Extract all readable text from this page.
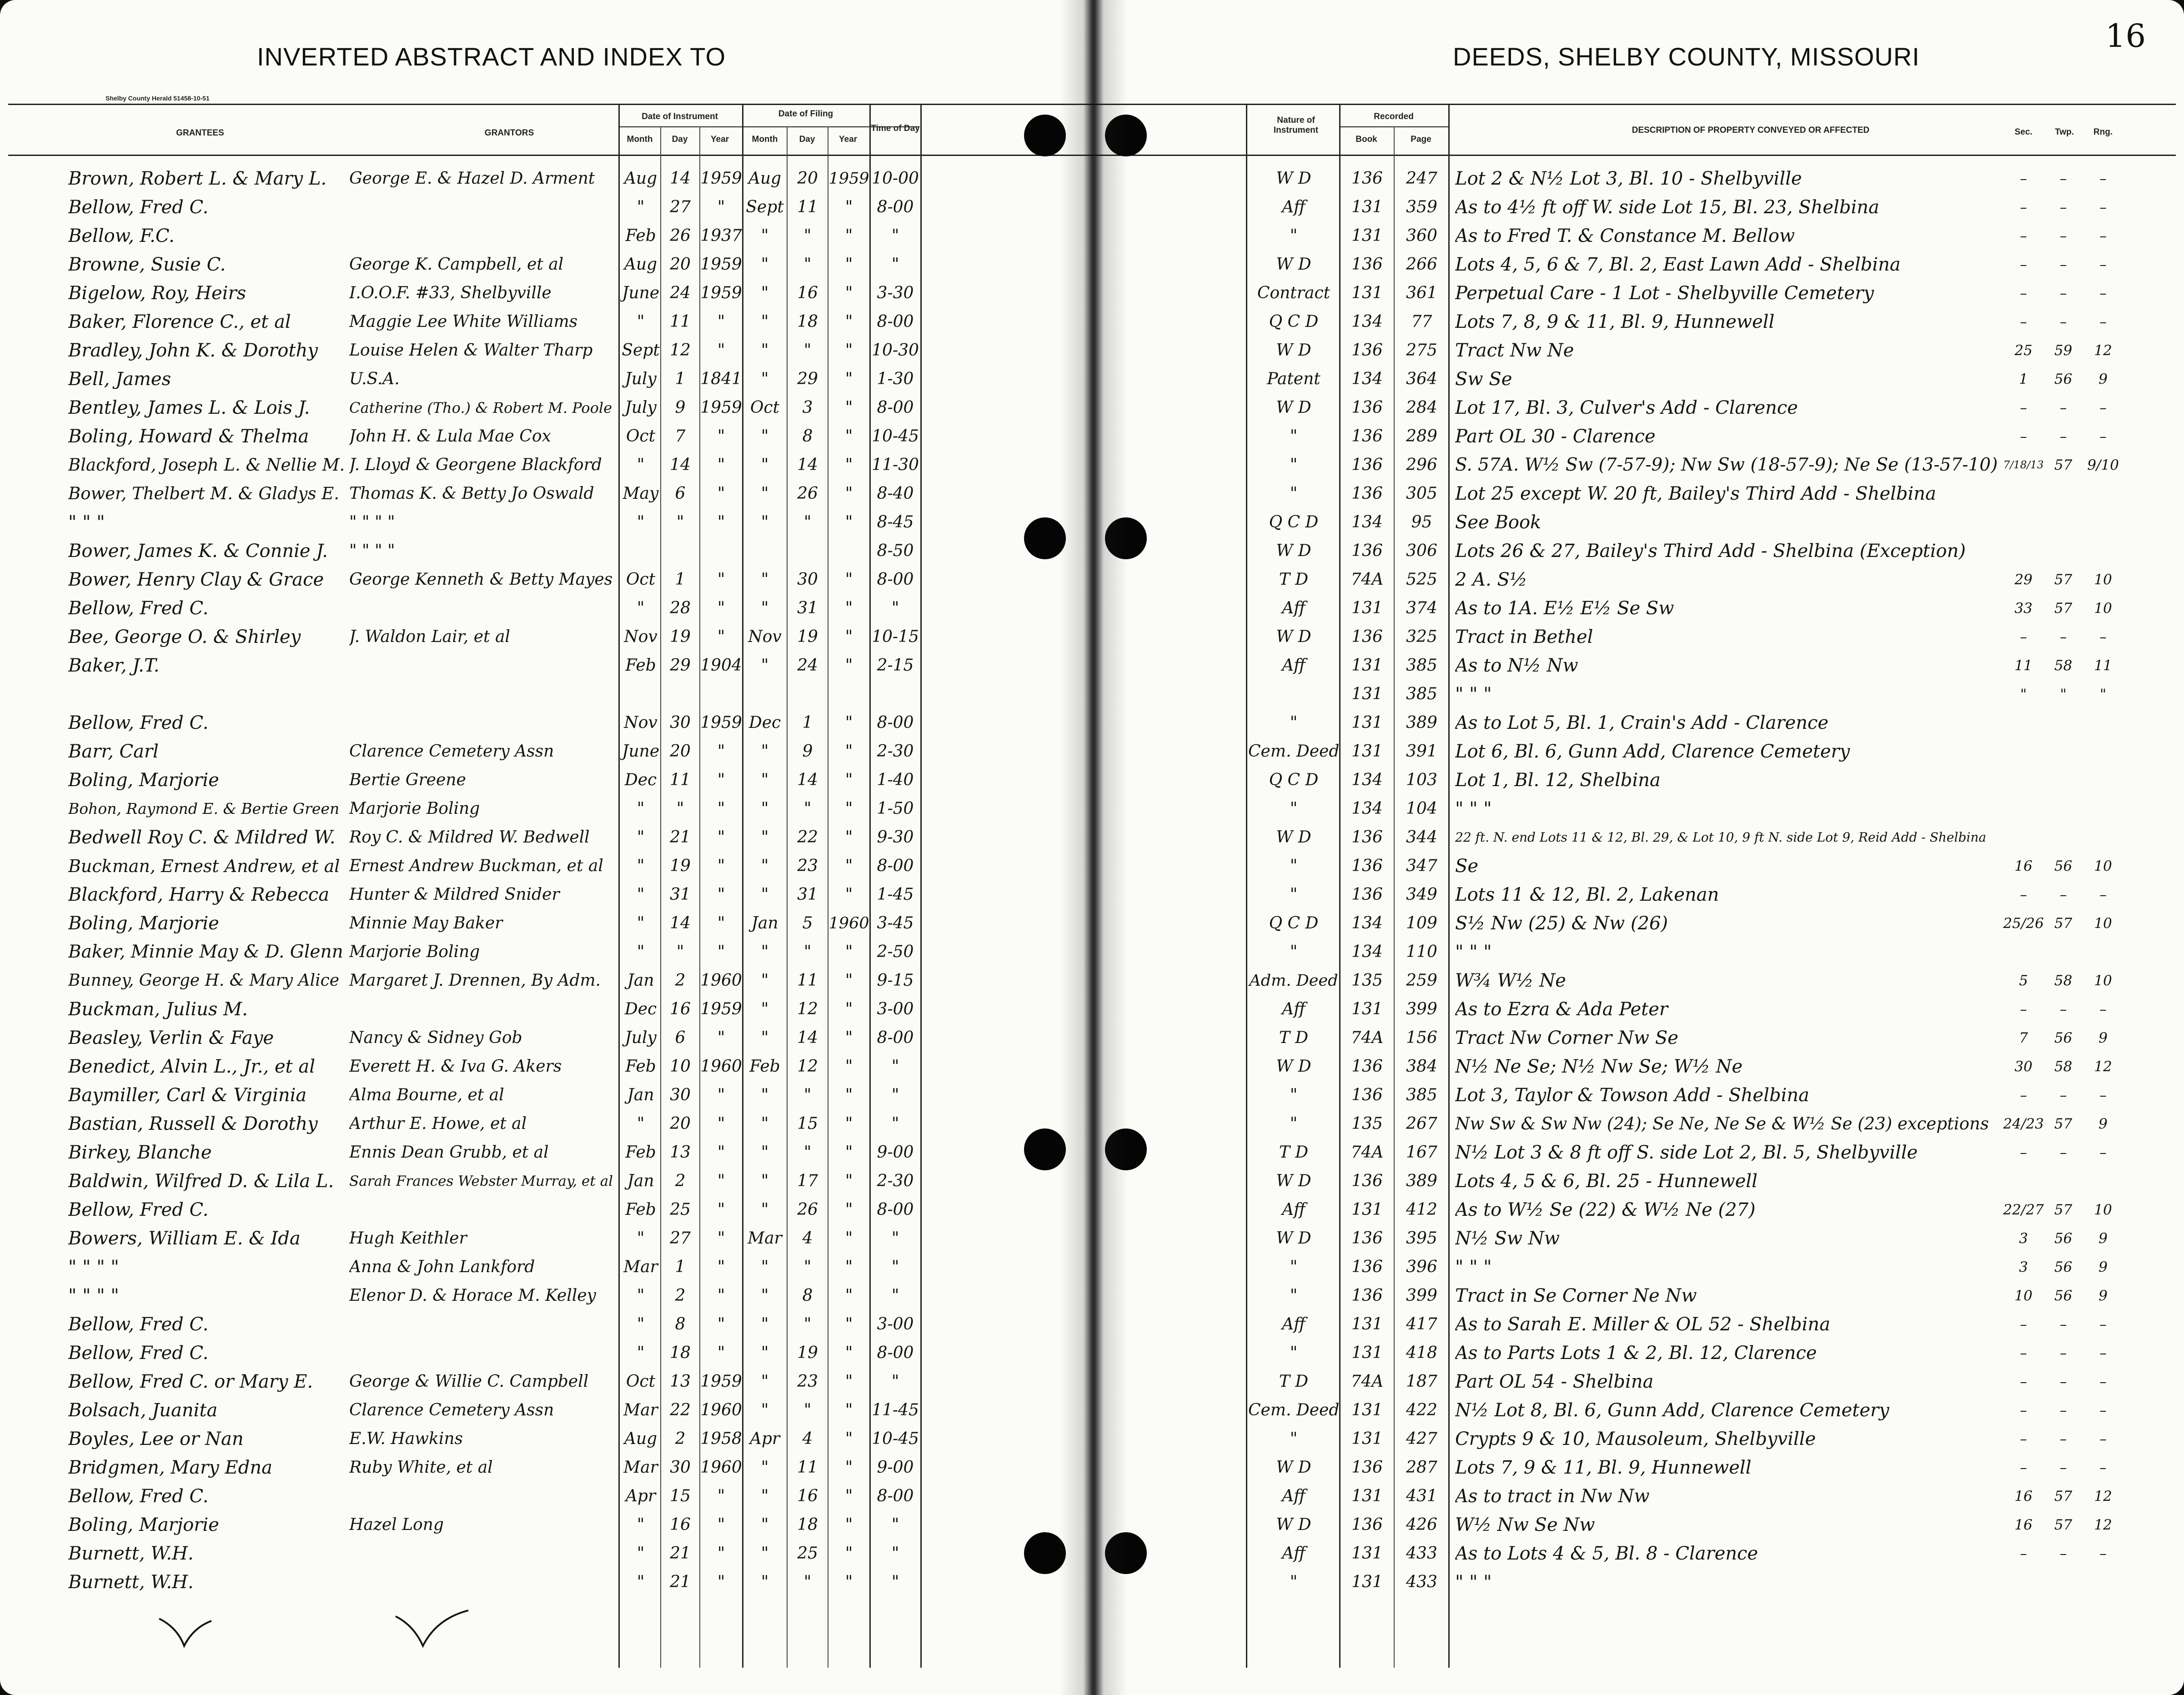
INVERTED ABSTRACT AND INDEX TO
Shelby County Herald 51458-10-51
GRANTEES	GRANTORS
Date of Instrument	Date of Filing
Month	Day	Year	Month	Day	Year
Time of Day
Brown, Robert L. & Mary L.	George E. & Hazel D. Arment	Aug 14 1959 Aug 20 1959 10-00
Bellow, Fred C.	"	27	"	Sept 11	"	8-00
Bellow, F.C.	Feb 26 1937	"	"	"	"
Browne, Susie C.	George K. Campbell, et al	Aug 20 1959	"	"	"	"
Bigelow, Roy, Heirs	I.O.O.F. #33, Shelbyville	June 24 1959	"	16	"	3-30
Baker, Florence C., et al	Maggie Lee White Williams	"	11	"	"	18	"	8-00
Bradley, John K. & Dorothy	Louise Helen & Walter Tharp	Sept 12	"	"	"	"	10-30
Bell, James	U.S.A.	July	1 1841	"	29	"	1-30
Bentley, James L. & Lois J.	Catherine (Tho.) & Robert M. Poole July	9 1959 Oct	3	"	8-00
Boling, Howard & Thelma	John H. & Lula Mae Cox	Oct	7	"	"	8	"	10-45
Blackford, Joseph L. & Nellie M. J. Lloyd & Georgene Blackford	"	14	"	"	14	"	11-30
Bower, Thelbert M. & Gladys E. Thomas K. & Betty Jo Oswald	May	6	"	"	26	"	8-40
" " "	" " " "	"	"	"	"	"	"	8-45
Bower, James K. & Connie J.	" " " "	8-50
Bower, Henry Clay & Grace	George Kenneth & Betty Mayes Oct	1	"	"	30	"	8-00
Bellow, Fred C.	"	28	"	"	31	"	"
Bee, George O. & Shirley	J. Waldon Lair, et al	Nov 19	"	Nov 19	"	10-15
Baker, J.T.	Feb 29 1904	"	24	"	2-15
Bellow, Fred C.	Nov 30 1959 Dec	1	"	8-00
Barr, Carl	Clarence Cemetery Assn	June 20	"	"	9	"	2-30
Boling, Marjorie	Bertie Greene	Dec 11	"	"	14	"	1-40
Bohon, Raymond E. & Bertie Green Marjorie Boling	"	"	"	"	"	"	1-50
Bedwell Roy C. & Mildred W. Roy C. & Mildred W. Bedwell	"	21	"	"	22	"	9-30
Buckman, Ernest Andrew, et al Ernest Andrew Buckman, et al	"	19	"	"	23	"	8-00
Blackford, Harry & Rebecca	Hunter & Mildred Snider	"	31	"	"	31	"	1-45
Boling, Marjorie	Minnie May Baker	"	14	"	Jan	5	1960 3-45
Baker, Minnie May & D. Glenn Marjorie Boling	"	"	"	"	"	"	2-50
Bunney, George H. & Mary Alice Margaret J. Drennen, By Adm.	Jan	2 1960	"	11	"	9-15
Buckman, Julius M.	Dec 16 1959	"	12	"	3-00
Beasley, Verlin & Faye	Nancy & Sidney Gob	July	6	"	"	14	"	8-00
Benedict, Alvin L., Jr., et al	Everett H. & Iva G. Akers	Feb 10 1960 Feb	12	"	"
Baymiller, Carl & Virginia	Alma Bourne, et al	Jan 30	"	"	"	"	"
Bastian, Russell & Dorothy	Arthur E. Howe, et al	"	20	"	"	15	"	"
Birkey, Blanche	Ennis Dean Grubb, et al	Feb 13	"	"	"	"	9-00
Baldwin, Wilfred D. & Lila L.	Sarah Frances Webster Murray, et al Jan	2	"	"	17	"	2-30
Bellow, Fred C.	Feb 25	"	"	26	"	8-00
Bowers, William E. & Ida	Hugh Keithler	"	27	"	Mar	4	"	"
" " " "	Anna & John Lankford	Mar	1	"	"	"	"	"
" " " "	Elenor D. & Horace M. Kelley	"	2	"	"	8	"	"
Bellow, Fred C.	"	8	"	"	"	"	3-00
Bellow, Fred C.	"	18	"	"	19	"	8-00
Bellow, Fred C. or Mary E.	George & Willie C. Campbell	Oct 13 1959	"	23	"	"
Bolsach, Juanita	Clarence Cemetery Assn	Mar 22 1960	"	"	"	11-45
Boyles, Lee or Nan	E.W. Hawkins	Aug	2 1958 Apr	4	"	10-45
Bridgmen, Mary Edna	Ruby White, et al	Mar 30 1960	"	11	"	9-00
Bellow, Fred C.	Apr 15	"	"	16	"	8-00
Boling, Marjorie	Hazel Long	"	16	"	"	18	"	"
Burnett, W.H.	"	21	"	"	25	"	"
Burnett, W.H.	"	21	"	"	"	"	"
DEEDS, SHELBY COUNTY, MISSOURI
16
Nature of Instrument
Recorded
Book	Page
DESCRIPTION OF PROPERTY CONVEYED OR AFFECTED	Sec.	Twp.	Rng.
W D	136	247 Lot 2 & N½ Lot 3, Bl. 10 - Shelbyville	–	–	–
Aff	131	359 As to 4½ ft off W. side Lot 15, Bl. 23, Shelbina	–	–	–
"	131	360 As to Fred T. & Constance M. Bellow	–	–	–
W D	136	266 Lots 4, 5, 6 & 7, Bl. 2, East Lawn Add - Shelbina	–	–	–
Contract	131	361 Perpetual Care - 1 Lot - Shelbyville Cemetery	–	–	–
Q C D	134	77	Lots 7, 8, 9 & 11, Bl. 9, Hunnewell	–	–	–
W D	136	275 Tract Nw Ne	25	59	12
Patent	134	364 Sw Se	1	56	9
W D	136	284 Lot 17, Bl. 3, Culver's Add - Clarence	–	–	–
"	136	289 Part OL 30 - Clarence	–	–	–
"	136	296	S. 57A. W½ Sw (7-57-9); Nw Sw (18-57-9); Ne Se (13-57-10) 7/18/13 57	9/10
"	136	305 Lot 25 except W. 20 ft, Bailey's Third Add - Shelbina
Q C D	134	95	See Book
W D	136	306 Lots 26 & 27, Bailey's Third Add - Shelbina (Exception)
T D	74A	525 2 A. S½	29	57	10
Aff	131	374 As to 1A. E½ E½ Se Sw	33	57	10
W D	136	325 Tract in Bethel	–	–	–
Aff	131	385 As to N½ Nw	11	58	11
131	385 " " "	"	"	"
"	131	389 As to Lot 5, Bl. 1, Crain's Add - Clarence
Cem. Deed 131	391 Lot 6, Bl. 6, Gunn Add, Clarence Cemetery
Q C D	134	103 Lot 1, Bl. 12, Shelbina
"	134	104 " " "
W D	136	344	22 ft. N. end Lots 11 & 12, Bl. 29, & Lot 10, 9 ft N. side Lot 9, Reid Add - Shelbina
"	136	347 Se	16	56	10
"	136	349 Lots 11 & 12, Bl. 2, Lakenan	–	–	–
Q C D	134	109 S½ Nw (25) & Nw (26)	25/26 57	10
"	134	110 " " "
Adm. Deed 135	259 W¾ W½ Ne	5	58	10
Aff	131	399 As to Ezra & Ada Peter	–	–	–
T D	74A	156 Tract Nw Corner Nw Se	7	56	9
W D	136	384 N½ Ne Se; N½ Nw Se; W½ Ne	30	58	12
"	136	385 Lot 3, Taylor & Towson Add - Shelbina	–	–	–
"	135	267	Nw Sw & Sw Nw (24); Se Ne, Ne Se & W½ Se (23) exceptions	24/23 57	9
T D	74A	167 N½ Lot 3 & 8 ft off S. side Lot 2, Bl. 5, Shelbyville	–	–	–
W D	136	389 Lots 4, 5 & 6, Bl. 25 - Hunnewell
Aff	131	412 As to W½ Se (22) & W½ Ne (27)	22/27 57	10
W D	136	395 N½ Sw Nw	3	56	9
"	136	396 " " "	3	56	9
"	136	399 Tract in Se Corner Ne Nw	10	56	9
Aff	131	417 As to Sarah E. Miller & OL 52 - Shelbina	–	–	–
"	131	418 As to Parts Lots 1 & 2, Bl. 12, Clarence	–	–	–
T D	74A	187 Part OL 54 - Shelbina	–	–	–
Cem. Deed 131	422 N½ Lot 8, Bl. 6, Gunn Add, Clarence Cemetery	–	–	–
"	131	427 Crypts 9 & 10, Mausoleum, Shelbyville	–	–	–
W D	136	287 Lots 7, 9 & 11, Bl. 9, Hunnewell	–	–	–
Aff	131	431 As to tract in Nw Nw	16	57	12
W D	136	426 W½ Nw Se Nw	16	57	12
Aff	131	433 As to Lots 4 & 5, Bl. 8 - Clarence	–	–	–
"	131	433 " " "
